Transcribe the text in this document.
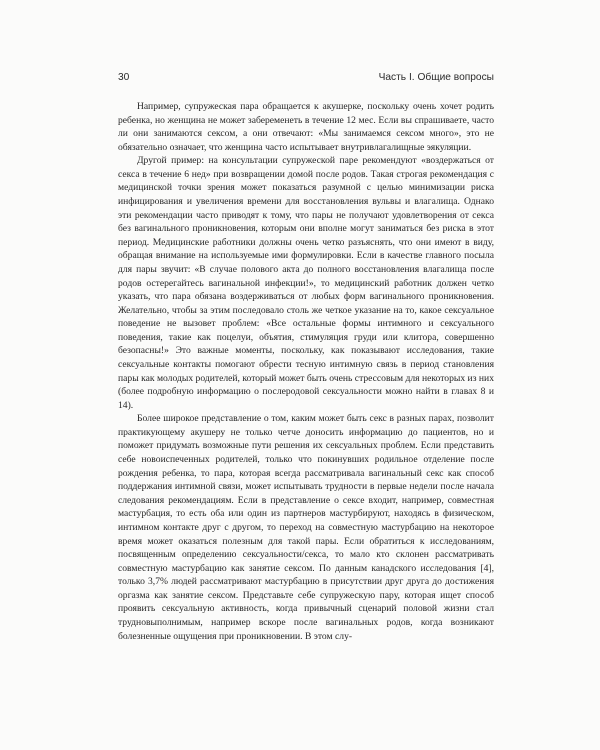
30	Часть I. Общие вопросы

Например, супружеская пара обращается к акушерке, поскольку очень хочет родить ребенка, но женщина не может забеременеть в течение 12 мес. Если вы спрашиваете, часто ли они занимаются сексом, а они отвечают: «Мы занимаемся сексом много», это не обязательно означает, что женщина часто испытывает внутривлагалищные эякуляции.

Другой пример: на консультации супружеской паре рекомендуют «воздержаться от секса в течение 6 нед» при возвращении домой после родов. Такая строгая рекомендация с медицинской точки зрения может показаться разумной с целью минимизации риска инфицирования и увеличения времени для восстановления вульвы и влагалища. Однако эти рекомендации часто приводят к тому, что пары не получают удовлетворения от секса без вагинального проникновения, которым они вполне могут заниматься без риска в этот период. Медицинские работники должны очень четко разъяснять, что они имеют в виду, обращая внимание на используемые ими формулировки. Если в качестве главного посыла для пары звучит: «В случае полового акта до полного восстановления влагалища после родов остерегайтесь вагинальной инфекции!», то медицинский работник должен четко указать, что пара обязана воздерживаться от любых форм вагинального проникновения. Желательно, чтобы за этим последовало столь же четкое указание на то, какое сексуальное поведение не вызовет проблем: «Все остальные формы интимного и сексуального поведения, такие как поцелуи, объятия, стимуляция груди или клитора, совершенно безопасны!» Это важные моменты, поскольку, как показывают исследования, такие сексуальные контакты помогают обрести тесную интимную связь в период становления пары как молодых родителей, который может быть очень стрессовым для некоторых из них (более подробную информацию о послеродовой сексуальности можно найти в главах 8 и 14).

Более широкое представление о том, каким может быть секс в разных парах, позволит практикующему акушеру не только четче доносить информацию до пациентов, но и поможет придумать возможные пути решения их сексуальных проблем. Если представить себе новоиспеченных родителей, только что покинувших родильное отделение после рождения ребенка, то пара, которая всегда рассматривала вагинальный секс как способ поддержания интимной связи, может испытывать трудности в первые недели после начала следования рекомендациям. Если в представление о сексе входит, например, совместная мастурбация, то есть оба или один из партнеров мастурбируют, находясь в физическом, интимном контакте друг с другом, то переход на совместную мастурбацию на некоторое время может оказаться полезным для такой пары. Если обратиться к исследованиям, посвященным определению сексуальности/секса, то мало кто склонен рассматривать совместную мастурбацию как занятие сексом. По данным канадского исследования [4], только 3,7% людей рассматривают мастурбацию в присутствии друг друга до достижения оргазма как занятие сексом. Представьте себе супружескую пару, которая ищет способ проявить сексуальную активность, когда привычный сценарий половой жизни стал трудновыполнимым, например вскоре после вагинальных родов, когда возникают болезненные ощущения при проникновении. В этом слу-
